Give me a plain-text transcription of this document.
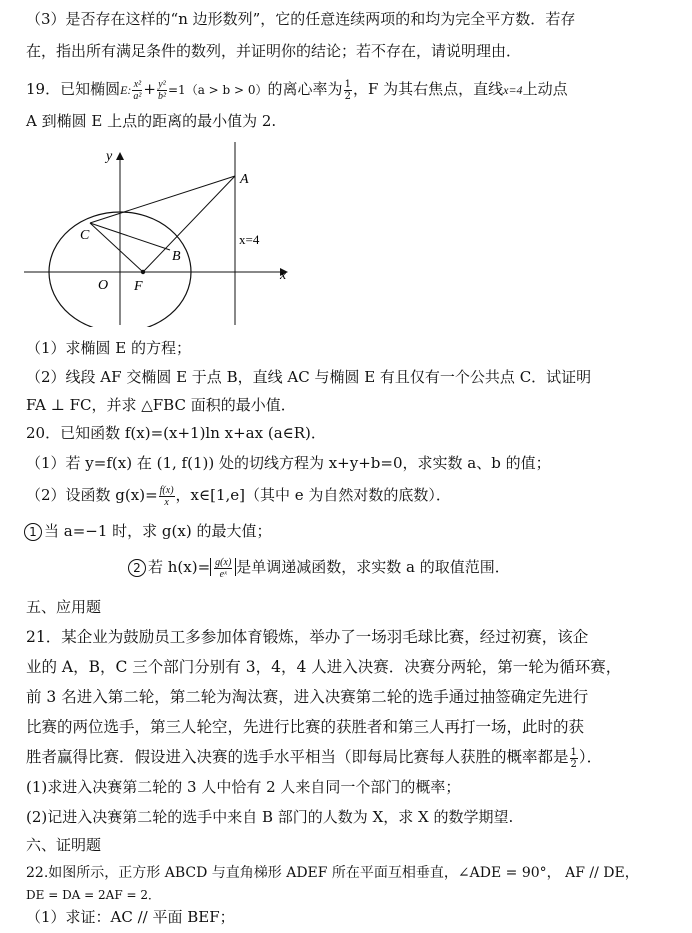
（3）是否存在这样的“n 边形数列”，它的任意连续两项的和均为完全平方数．若存
在，指出所有满足条件的数列，并证明你的结论；若不存在，请说明理由．
19．已知椭圆E: $\frac{\text{x²}}{\text{a²}} + \frac{\text{y²}}{\text{b²}} =1(a > b > 0)$的离心率为 $\frac{1}{2}$ ，F 为其右焦点，直线x=4上动点
A 到椭圆 E 上点的距离的最小值为 2.
y
x
O F
A
B
C	x=4
（1）求椭圆 E 的方程；
（2）线段 AF 交椭圆 E 于点 B，直线 AC 与椭圆 E 有且仅有一个公共点 C．试证明
FA ⊥ FC，并求 △FBC 面积的最小值．
20．已知函数 f(x)=(x+1)ln x+ax (a∈R)．
（1）若 y=f(x) 在 (1, f(1)) 处的切线方程为 x+y+b=0，求实数 a、b 的值；
（2）设函数 $g(x)= \frac{f(x)}{x}$ ，x∈[1,e]（其中 e 为自然对数的底数）．
1 当 a=−1 时，求 g(x) 的最大值；
2 若 $h(x)= \frac{g(x)}{\text{eˣ}}$ 是单调递减函数，求实数 a 的取值范围．
五、应用题
21．某企业为鼓励员工多参加体育锻炼，举办了一场羽毛球比赛，经过初赛，该企
业的 A，B，C 三个部门分别有 3，4，4 人进入决赛．决赛分两轮，第一轮为循环赛，
前 3 名进入第二轮，第二轮为淘汰赛，进入决赛第二轮的选手通过抽签确定先进行
比赛的两位选手，第三人轮空，先进行比赛的获胜者和第三人再打一场，此时的获
胜者赢得比赛．假设进入决赛的选手水平相当（即每局比赛每人获胜的概率都是 $\frac{1}{2}$ ）．
(1)求进入决赛第二轮的 3 人中恰有 2 人来自同一个部门的概率；
(2)记进入决赛第二轮的选手中来自 B 部门的人数为 X，求 X 的数学期望.
六、证明题
22.如图所示，正方形 ABCD 与直角梯形 ADEF 所在平面互相垂直，∠ADE = 90°， AF // DE，
DE = DA = 2AF = 2．
（1）求证：AC // 平面 BEF；
